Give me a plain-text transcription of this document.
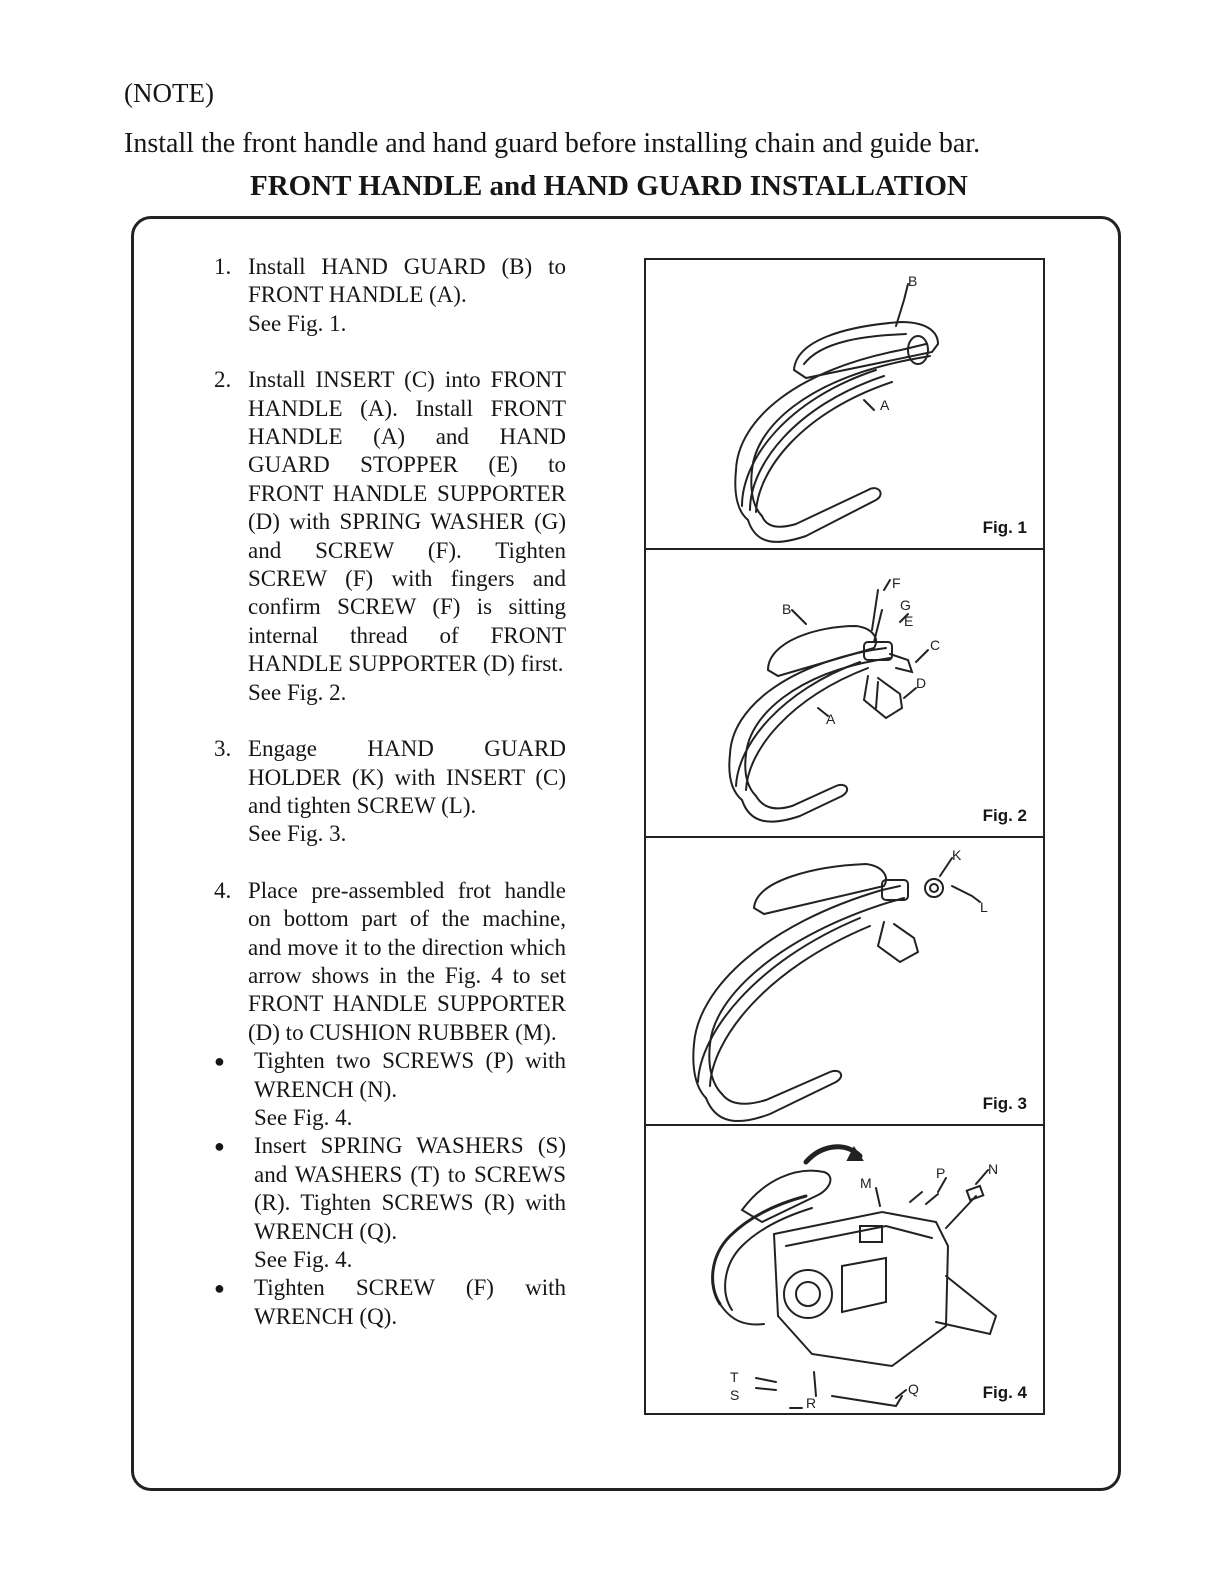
(NOTE)
Install the front handle and hand guard before installing chain and guide bar.
FRONT HANDLE and HAND GUARD INSTALLATION
1. Install HAND GUARD (B) to FRONT HANDLE (A).
See Fig. 1.
2. Install INSERT (C) into FRONT HANDLE (A). Install FRONT HANDLE (A) and HAND GUARD STOPPER (E) to FRONT HANDLE SUPPORTER (D) with SPRING WASHER (G) and SCREW (F). Tighten SCREW (F) with fingers and confirm SCREW (F) is sitting internal thread of FRONT HANDLE SUPPORTER (D) first.
See Fig. 2.
3. Engage HAND GUARD HOLDER (K) with INSERT (C) and tighten SCREW (L).
See Fig. 3.
4. Place pre-assembled frot handle on bottom part of the machine, and move it to the direction which arrow shows in the Fig. 4 to set FRONT HANDLE SUPPORTER (D) to CUSHION RUBBER (M).
●	Tighten two SCREWS (P) with WRENCH (N).
See Fig. 4.
●	Insert SPRING WASHERS (S) and WASHERS (T) to SCREWS (R). Tighten SCREWS (R) with WRENCH (Q).
See Fig. 4.
●	Tighten SCREW (F) with WRENCH (Q).
B
A
Fig. 1
F
G
E
C
B
A
D
Fig. 2
K
L
Fig. 3
M
P	N
T
S	R
Q	Fig. 4
